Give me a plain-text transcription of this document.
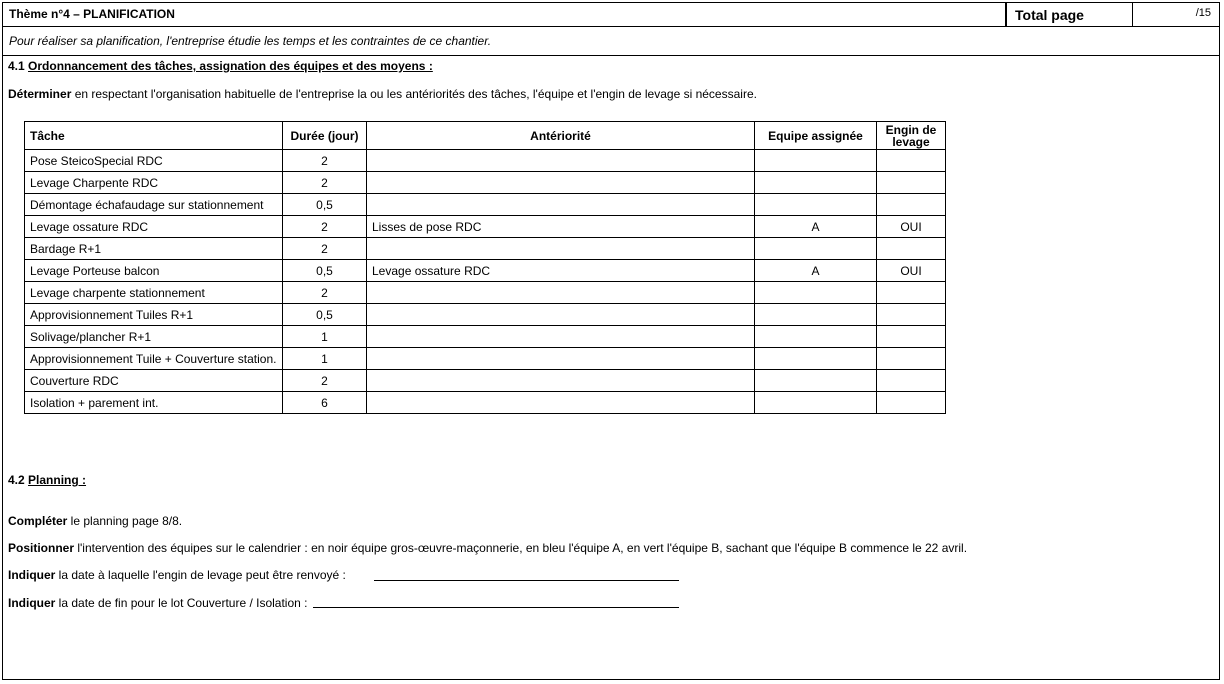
Thème n°4 – PLANIFICATION	Total page	/15
Pour réaliser sa planification, l'entreprise étudie les temps et les contraintes de ce chantier.
4.1 Ordonnancement des tâches, assignation des équipes et des moyens :
Déterminer en respectant l'organisation habituelle de l'entreprise la ou les antériorités des tâches, l'équipe et l'engin de levage si nécessaire.
Tâche	Durée (jour)	Antériorité	Equipe assignée	Engin de levage
Pose SteicoSpecial RDC	2			
Levage Charpente RDC	2			
Démontage échafaudage sur stationnement	0,5			
Levage ossature RDC	2	Lisses de pose RDC	A	OUI
Bardage R+1	2			
Levage Porteuse balcon	0,5	Levage ossature RDC	A	OUI
Levage charpente stationnement	2			
Approvisionnement Tuiles R+1	0,5			
Solivage/plancher R+1	1			
Approvisionnement Tuile + Couverture station.	1			
Couverture RDC	2			
Isolation + parement int.	6			
4.2 Planning :
Compléter le planning page 8/8.
Positionner l'intervention des équipes sur le calendrier : en noir équipe gros-œuvre-maçonnerie, en bleu l'équipe A, en vert l'équipe B, sachant que l'équipe B commence le 22 avril.
Indiquer la date à laquelle l'engin de levage peut être renvoyé :
Indiquer la date de fin pour le lot Couverture / Isolation :
